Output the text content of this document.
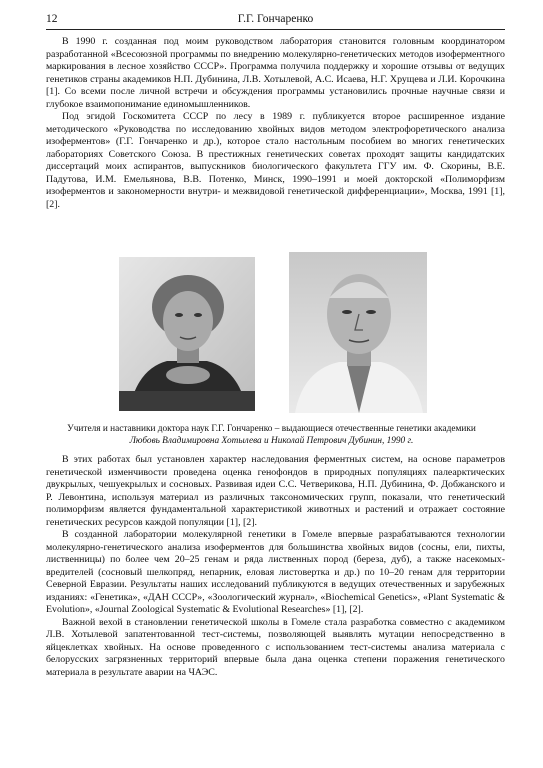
12	Г.Г. Гончаренко

В 1990 г. созданная под моим руководством лаборатория становится головным координатором разработанной «Всесоюзной программы по внедрению молекулярно-генетических методов изоферментного маркирования в лесное хозяйство СССР». Программа получила поддержку и хорошие отзывы от ведущих генетиков страны академиков Н.П. Дубинина, Л.В. Хотылевой, А.С. Исаева, Н.Г. Хрущева и Л.И. Корочкина [1]. Со всеми после личной встречи и обсуждения программы установились прочные научные связи и глубокое взаимопонимание единомышленников.

Под эгидой Госкомитета СССР по лесу в 1989 г. публикуется второе расширенное издание методического «Руководства по исследованию хвойных видов методом электрофоретического анализа изоферментов» (Г.Г. Гончаренко и др.), которое стало настольным пособием во многих генетических лабораториях Советского Союза. В престижных генетических советах проходят защиты кандидатских диссертаций моих аспирантов, выпускников биологического факультета ГГУ им. Ф. Скорины, В.Е. Падутова, И.М. Емельянова, В.В. Потенко, Минск, 1990–1991 и моей докторской «Полиморфизм изоферментов и закономерности внутри- и межвидовой генетической дифференциации», Москва, 1991 [1], [2].

Учителя и наставники доктора наук Г.Г. Гончаренко – выдающиеся отечественные генетики академики
Любовь Владимировна Хотылева и Николай Петрович Дубинин, 1990 г.

В этих работах был установлен характер наследования ферментных систем, на основе параметров генетической изменчивости проведена оценка генофондов в природных популяциях палеарктических двукрылых, чешуекрылых и сосновых. Развивая идеи С.С. Четверикова, Н.П. Дубинина, Ф. Добжанского и Р. Левонтина, используя материал из различных таксономических групп, показали, что генетический полиморфизм является фундаментальной характеристикой животных и растений и отражает состояние генетических ресурсов каждой популяции [1], [2].

В созданной лаборатории молекулярной генетики в Гомеле впервые разрабатываются технологии молекулярно-генетического анализа изоферментов для большинства хвойных видов (сосны, ели, пихты, лиственницы) по более чем 20–25 генам и ряда лиственных пород (береза, дуб), а также насекомых-вредителей (сосновый шелкопряд, непарник, еловая листовертка и др.) по 10–20 генам для территории Северной Евразии. Результаты наших исследований публикуются в ведущих отечественных и зарубежных изданиях: «Генетика», «ДАН СССР», «Зоологический журнал», «Biochemical Genetics», «Plant Systematic & Evolution», «Journal Zoological Systematic & Evolutional Researches» [1], [2].

Важной вехой в становлении генетической школы в Гомеле стала разработка совместно с академиком Л.В. Хотылевой запатентованной тест-системы, позволяющей выявлять мутации непосредственно в яйцеклетках хвойных. На основе проведенного с использованием тест-системы анализа материала с белорусских загрязненных территорий впервые была дана оценка степени поражения генетического материала в результате аварии на ЧАЭС.
